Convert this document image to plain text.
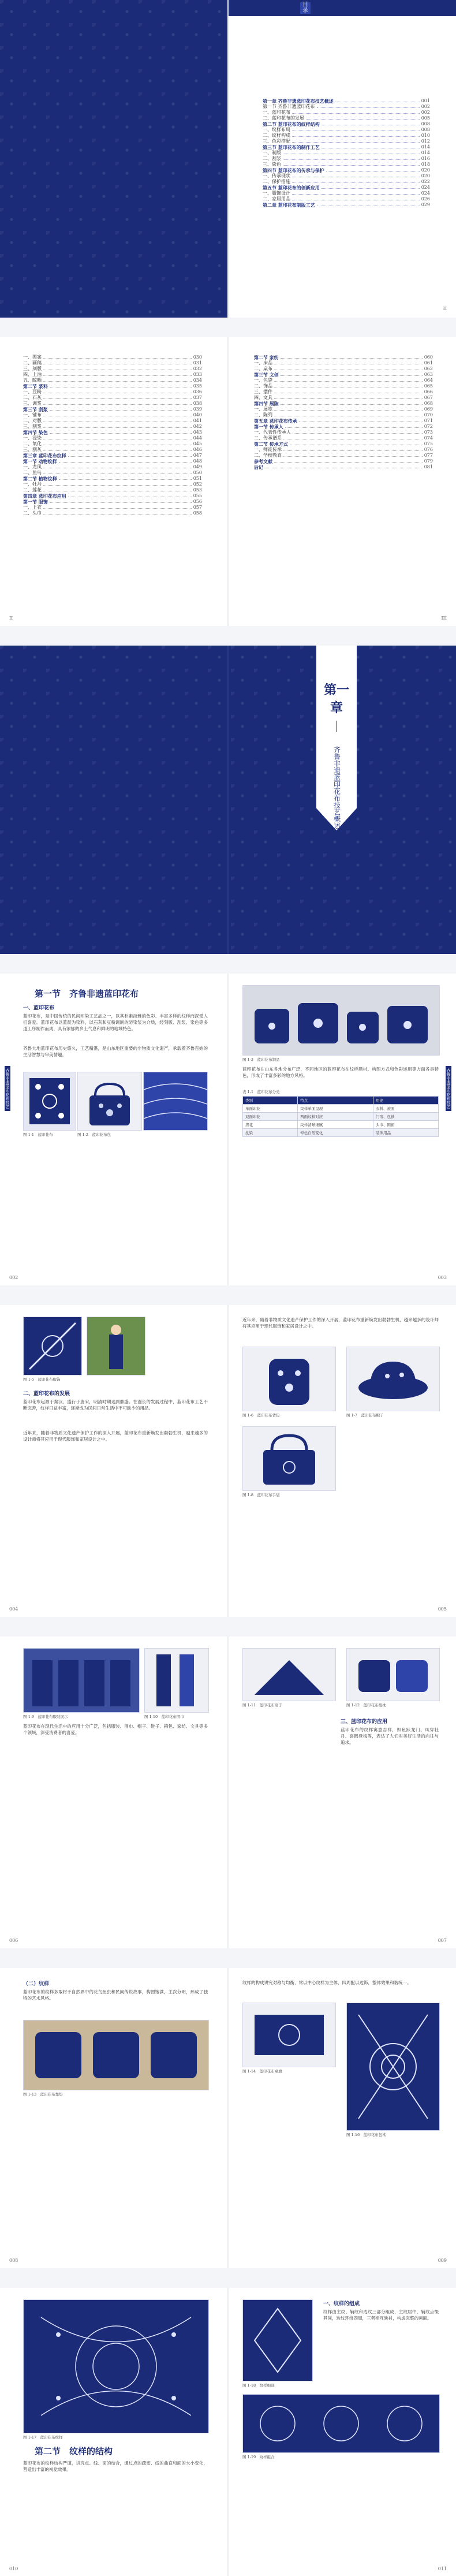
目
录
第一章 齐鲁非遗蓝印花布技艺概述	001
第一节 齐鲁非遗蓝印花布	002
一、蓝印花布	002
二、蓝印花布的发展	005
第二节 蓝印花布的纹样结构	008
一、纹样布局	008
二、纹样构成	010
三、色彩搭配	012
第三节 蓝印花布的制作工艺	014
一、制版	014
二、刮浆	016
三、染色	018
第四节 蓝印花布的传承与保护	020
一、传承现状	020
二、保护措施	022
第五节 蓝印花布的创新应用	024
一、服饰设计	024
二、家居用品	026
第二章 蓝印花布制版工艺	029
II
一、图案	030
二、画稿	031
三、刻版	032
四、上油	033
五、晾晒	034
第二节 浆料	035
一、豆粉	036
二、石灰	037
三、调浆	038
第三节 刮浆	039
一、铺布	040
二、对版	041
三、刮浆	042
第四节 染色	043
一、浸染	044
二、氧化	045
三、刮灰	046
第三章 蓝印花布纹样	047
第一节 动物纹样	048
一、龙凤	049
二、鱼鸟	050
第二节 植物纹样	051
一、牡丹	052
二、莲花	053
第四章 蓝印花布应用	055
第一节 服饰	056
一、上衣	057
二、头巾	058
第二节 家纺	060
一、床品	061
二、桌布	062
第三节 文创	063
一、包袋	064
二、饰品	065
三、摆件	066
四、文具	067
第四节 展陈	068
一、展览	069
二、陈列	070
第五章 蓝印花布传承	071
第一节 传承人	072
一、代表性传承人	073
二、传承谱系	074
第二节 传承方式	075
一、师徒传承	076
二、学校教育	077
参考文献	079
后记	081
II	III
第一章
齐鲁非遗蓝印花布技艺概述
第一节　齐鲁非遗蓝印花布
一、蓝印花布
蓝印花布，是中国传统的民间印染工艺品之一，以其朴素淡雅的色彩、丰富多样的纹样而深受人们喜爱。蓝印花布以蓝靛为染料，以石灰和豆粉调制的防染浆为介质，经刻版、刮浆、染色等多道工序制作而成，具有浓郁的乡土气息和鲜明的地域特色。
齐鲁大地蓝印花布历史悠久，工艺精湛，是山东地区重要的非物质文化遗产，承载着齐鲁百姓的生活智慧与审美情趣。
图 1-1　蓝印花布	图 1-2　蓝印花布包
齐鲁非遗蓝印花布技艺
图 1-3　蓝印花布制品
蓝印花布在山东各地分布广泛，不同地区的蓝印花布在纹样题材、构图方式和色彩运用等方面各具特色，形成了丰富多彩的地方风格。
表 1-1　蓝印花布分类
类别	特点	用途
单面印花	纹样单面呈现	衣料、被面
双面印花	两面纹样对应	门帘、包袱
拷花	纹样清晰细腻	头巾、围裙
扎染	晕色自然变化	装饰用品
齐鲁非遗蓝印花布技艺
002	003
图 1-5　蓝印花布服饰
二、蓝印花布的发展
蓝印花布起源于秦汉，盛行于唐宋，明清时期达到鼎盛。在漫长的发展过程中，蓝印花布工艺不断完善，纹样日益丰富，逐渐成为民间日常生活中不可缺少的用品。
近年来，随着非物质文化遗产保护工作的深入开展，蓝印花布重新焕发出勃勃生机，越来越多的设计师将其应用于现代服饰和家居设计之中。
近年来，随着非物质文化遗产保护工作的深入开展，蓝印花布重新焕发出勃勃生机，越来越多的设计师将其应用于现代服饰和家居设计之中。
图 1-6　蓝印花布背包	图 1-7　蓝印花布帽子
图 1-8　蓝印花布手袋
004	005
图 1-9　蓝印花布服装展示	图 1-10　蓝印花布围巾
蓝印花布在现代生活中的应用十分广泛，包括服装、围巾、帽子、鞋子、箱包、家纺、文具等多个领域，深受消费者的喜爱。
图 1-11　蓝印花布扇子	图 1-12　蓝印花布抱枕
三、蓝印花布的应用
蓝印花布的纹样寓意吉祥，如鱼跃龙门、凤穿牡丹、喜鹊登梅等，表达了人们对美好生活的向往与追求。
006	007
（二）纹样
蓝印花布的纹样多取材于自然界中的花鸟鱼虫和民间传说故事，构图饱满，主次分明，形成了独特的艺术风格。
图 1-13　蓝印花布靠垫
纹样的构成讲究对称与均衡，常以中心纹样为主体，四周配以边饰，整体效果和谐统一。
图 1-14　蓝印花布桌旗
图 1-16　蓝印花布包袱
008	009
图 1-17　蓝印花布纹样
第二节　纹样的结构
蓝印花布的纹样结构严谨，讲究点、线、面的结合，通过点的疏密、线的曲直和面的大小变化，营造出丰富的视觉效果。
一、纹样的组成
纹样由主纹、辅纹和边纹三部分组成，主纹居中，辅纹点缀其间，边纹环绕四周，三者相互映衬，构成完整的画面。
图 1-18　纹样细部
图 1-19　纹样组合
010	011
